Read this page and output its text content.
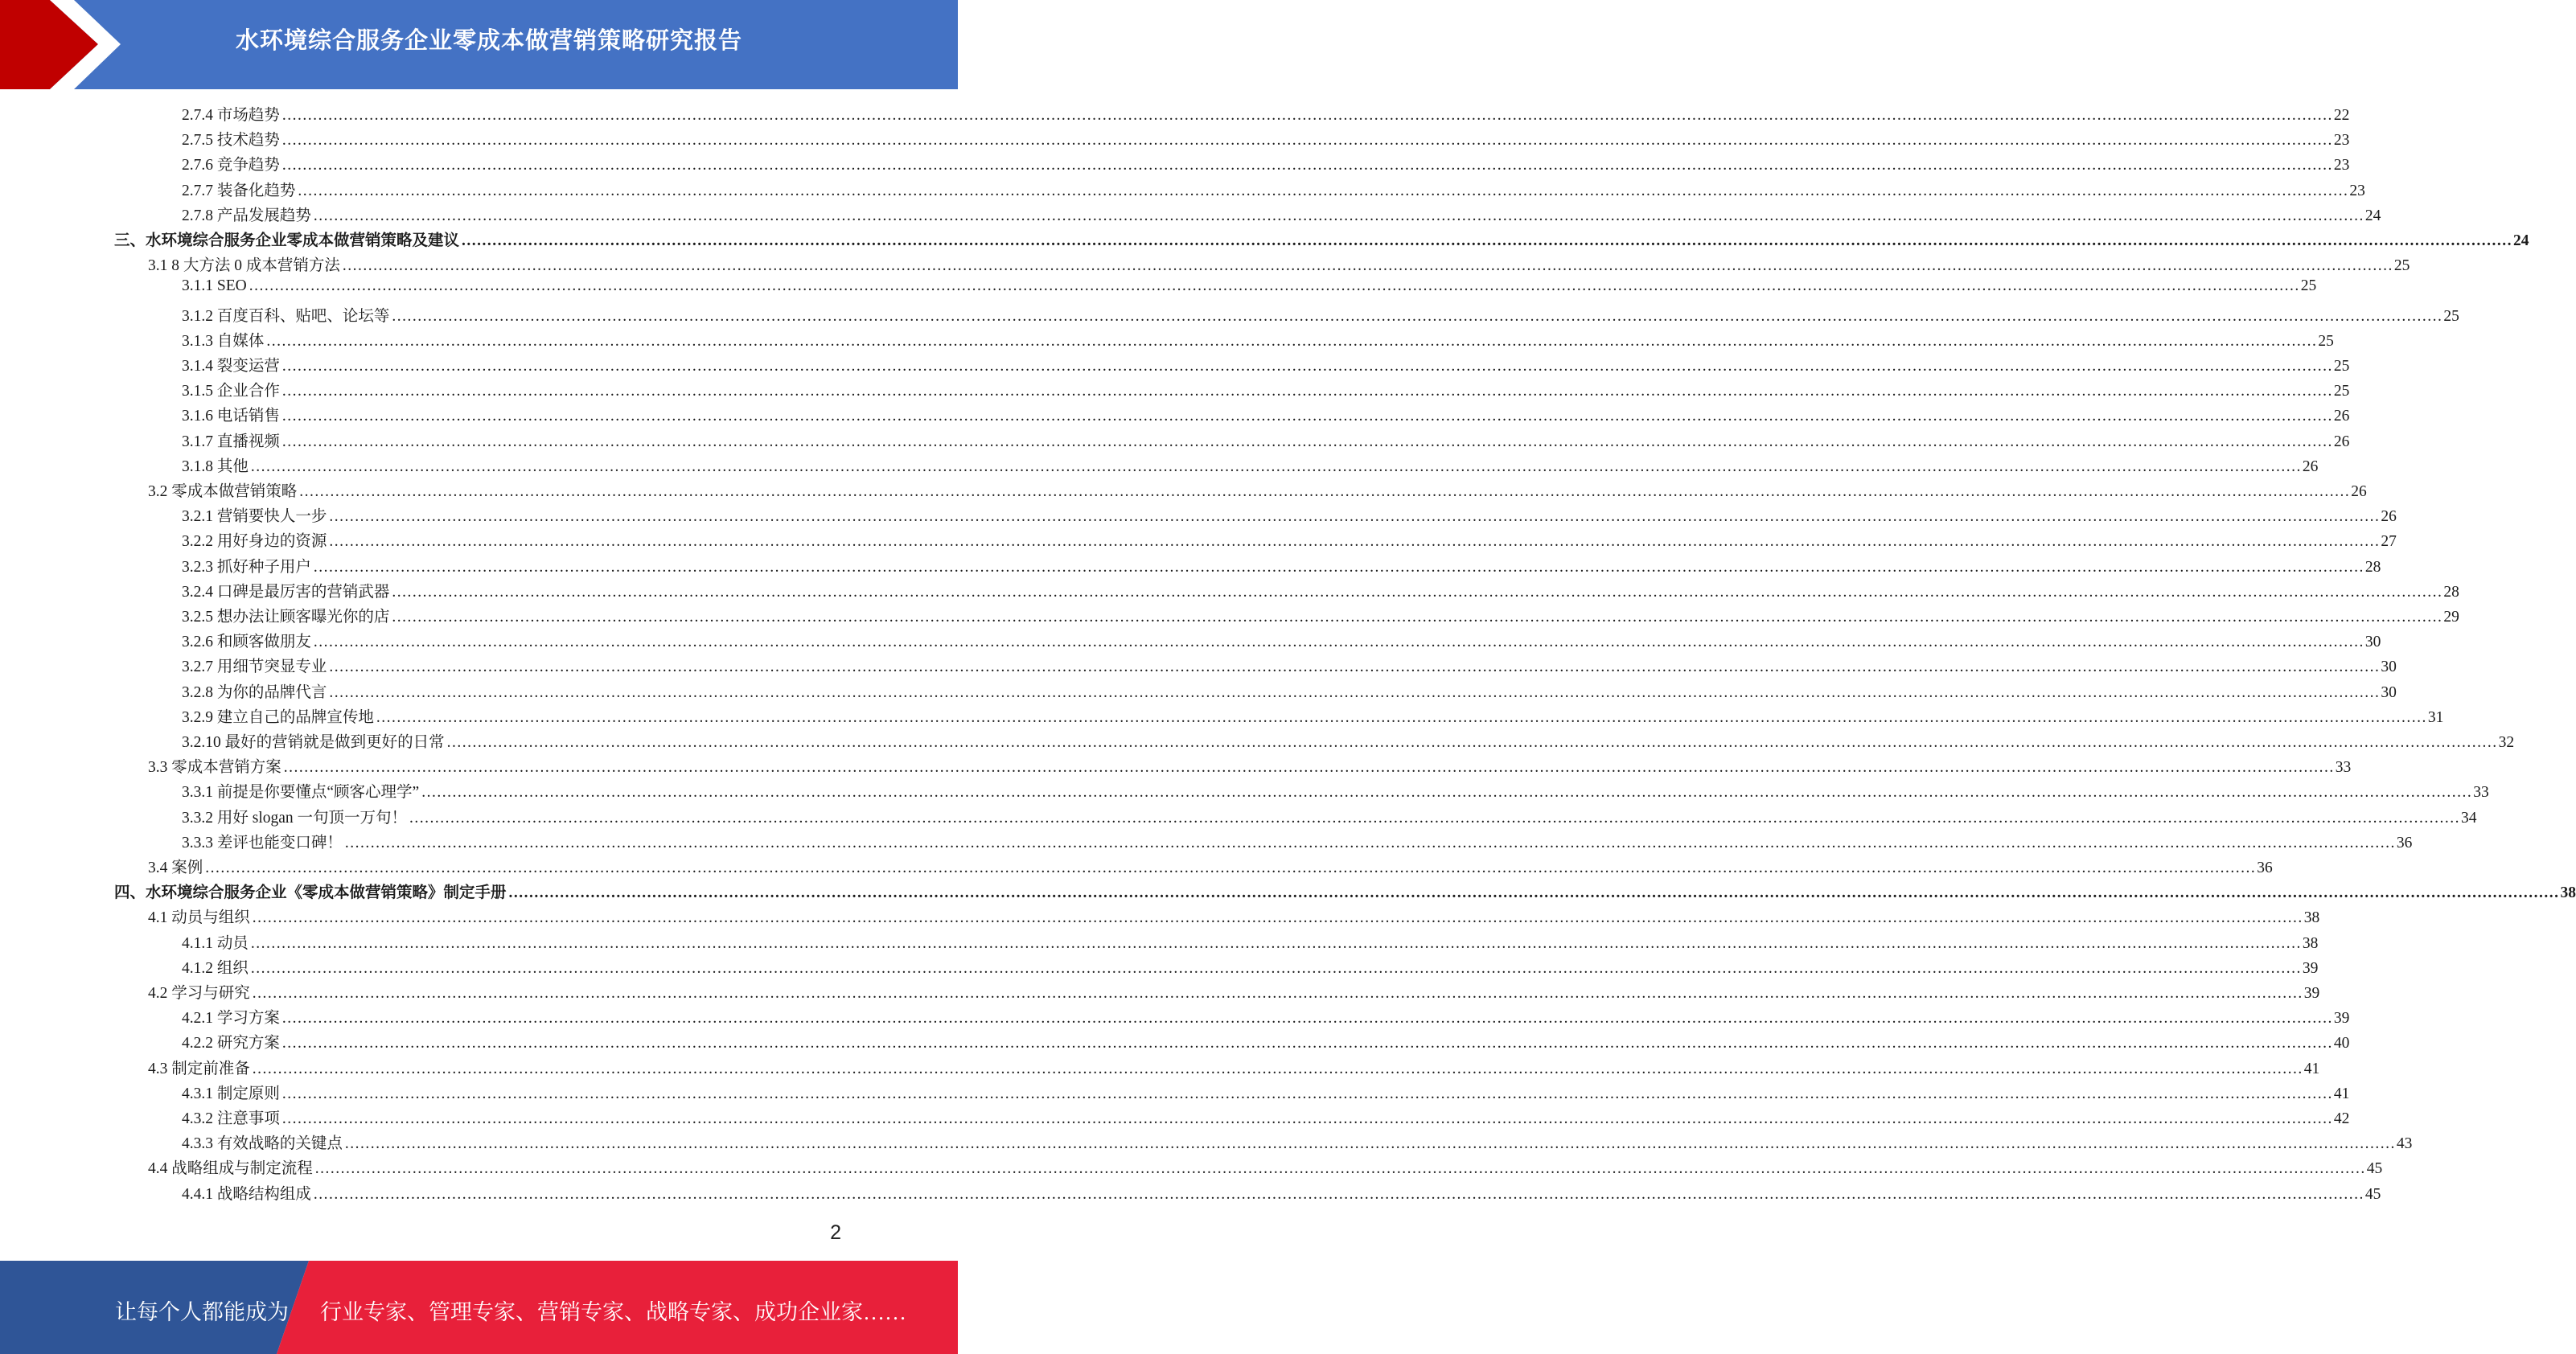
水环境综合服务企业零成本做营销策略研究报告
2.7.4 市场趋势 ................................................................................................................................................................................................................................................................................................................................................................................................................ 22
2.7.5 技术趋势 ................................................................................................................................................................................................................................................................................................................................................................................................................ 23
2.7.6 竞争趋势 ................................................................................................................................................................................................................................................................................................................................................................................................................ 23
2.7.7 装备化趋势 ................................................................................................................................................................................................................................................................................................................................................................................................................ 23
2.7.8 产品发展趋势 ................................................................................................................................................................................................................................................................................................................................................................................................................ 24
三、水环境综合服务企业零成本做营销策略及建议 ................................................................................................................................................................................................................................................................................................................................................................................................................ 24
3.1 8 大方法 0 成本营销方法 ................................................................................................................................................................................................................................................................................................................................................................................................................ 25
3.1.1 SEO ................................................................................................................................................................................................................................................................................................................................................................................................................ 25
3.1.2 百度百科、贴吧、论坛等 ................................................................................................................................................................................................................................................................................................................................................................................................................ 25
3.1.3 自媒体 ................................................................................................................................................................................................................................................................................................................................................................................................................ 25
3.1.4 裂变运营 ................................................................................................................................................................................................................................................................................................................................................................................................................ 25
3.1.5 企业合作 ................................................................................................................................................................................................................................................................................................................................................................................................................ 25
3.1.6 电话销售 ................................................................................................................................................................................................................................................................................................................................................................................................................ 26
3.1.7 直播视频 ................................................................................................................................................................................................................................................................................................................................................................................................................ 26
3.1.8 其他 ................................................................................................................................................................................................................................................................................................................................................................................................................ 26
3.2 零成本做营销策略 ................................................................................................................................................................................................................................................................................................................................................................................................................ 26
3.2.1 营销要快人一步 ................................................................................................................................................................................................................................................................................................................................................................................................................ 26
3.2.2 用好身边的资源 ................................................................................................................................................................................................................................................................................................................................................................................................................ 27
3.2.3 抓好种子用户 ................................................................................................................................................................................................................................................................................................................................................................................................................ 28
3.2.4 口碑是最厉害的营销武器 ................................................................................................................................................................................................................................................................................................................................................................................................................ 28
3.2.5 想办法让顾客曝光你的店 ................................................................................................................................................................................................................................................................................................................................................................................................................ 29
3.2.6 和顾客做朋友 ................................................................................................................................................................................................................................................................................................................................................................................................................ 30
3.2.7 用细节突显专业 ................................................................................................................................................................................................................................................................................................................................................................................................................ 30
3.2.8 为你的品牌代言 ................................................................................................................................................................................................................................................................................................................................................................................................................ 30
3.2.9 建立自己的品牌宣传地 ................................................................................................................................................................................................................................................................................................................................................................................................................ 31
3.2.10 最好的营销就是做到更好的日常 ................................................................................................................................................................................................................................................................................................................................................................................................................ 32
3.3 零成本营销方案 ................................................................................................................................................................................................................................................................................................................................................................................................................ 33
3.3.1 前提是你要懂点“顾客心理学” ................................................................................................................................................................................................................................................................................................................................................................................................................ 33
3.3.2 用好 slogan 一句顶一万句！ ................................................................................................................................................................................................................................................................................................................................................................................................................ 34
3.3.3 差评也能变口碑！ ................................................................................................................................................................................................................................................................................................................................................................................................................ 36
3.4 案例 ................................................................................................................................................................................................................................................................................................................................................................................................................ 36
四、水环境综合服务企业《零成本做营销策略》制定手册 ................................................................................................................................................................................................................................................................................................................................................................................................................ 38
4.1 动员与组织 ................................................................................................................................................................................................................................................................................................................................................................................................................ 38
4.1.1 动员 ................................................................................................................................................................................................................................................................................................................................................................................................................ 38
4.1.2 组织 ................................................................................................................................................................................................................................................................................................................................................................................................................ 39
4.2 学习与研究 ................................................................................................................................................................................................................................................................................................................................................................................................................ 39
4.2.1 学习方案 ................................................................................................................................................................................................................................................................................................................................................................................................................ 39
4.2.2 研究方案 ................................................................................................................................................................................................................................................................................................................................................................................................................ 40
4.3 制定前准备 ................................................................................................................................................................................................................................................................................................................................................................................................................ 41
4.3.1 制定原则 ................................................................................................................................................................................................................................................................................................................................................................................................................ 41
4.3.2 注意事项 ................................................................................................................................................................................................................................................................................................................................................................................................................ 42
4.3.3 有效战略的关键点 ................................................................................................................................................................................................................................................................................................................................................................................................................ 43
4.4 战略组成与制定流程 ................................................................................................................................................................................................................................................................................................................................................................................................................ 45
4.4.1 战略结构组成 ................................................................................................................................................................................................................................................................................................................................................................................................................ 45
2
让每个人都能成为 行业专家、管理专家、营销专家、战略专家、成功企业家……
